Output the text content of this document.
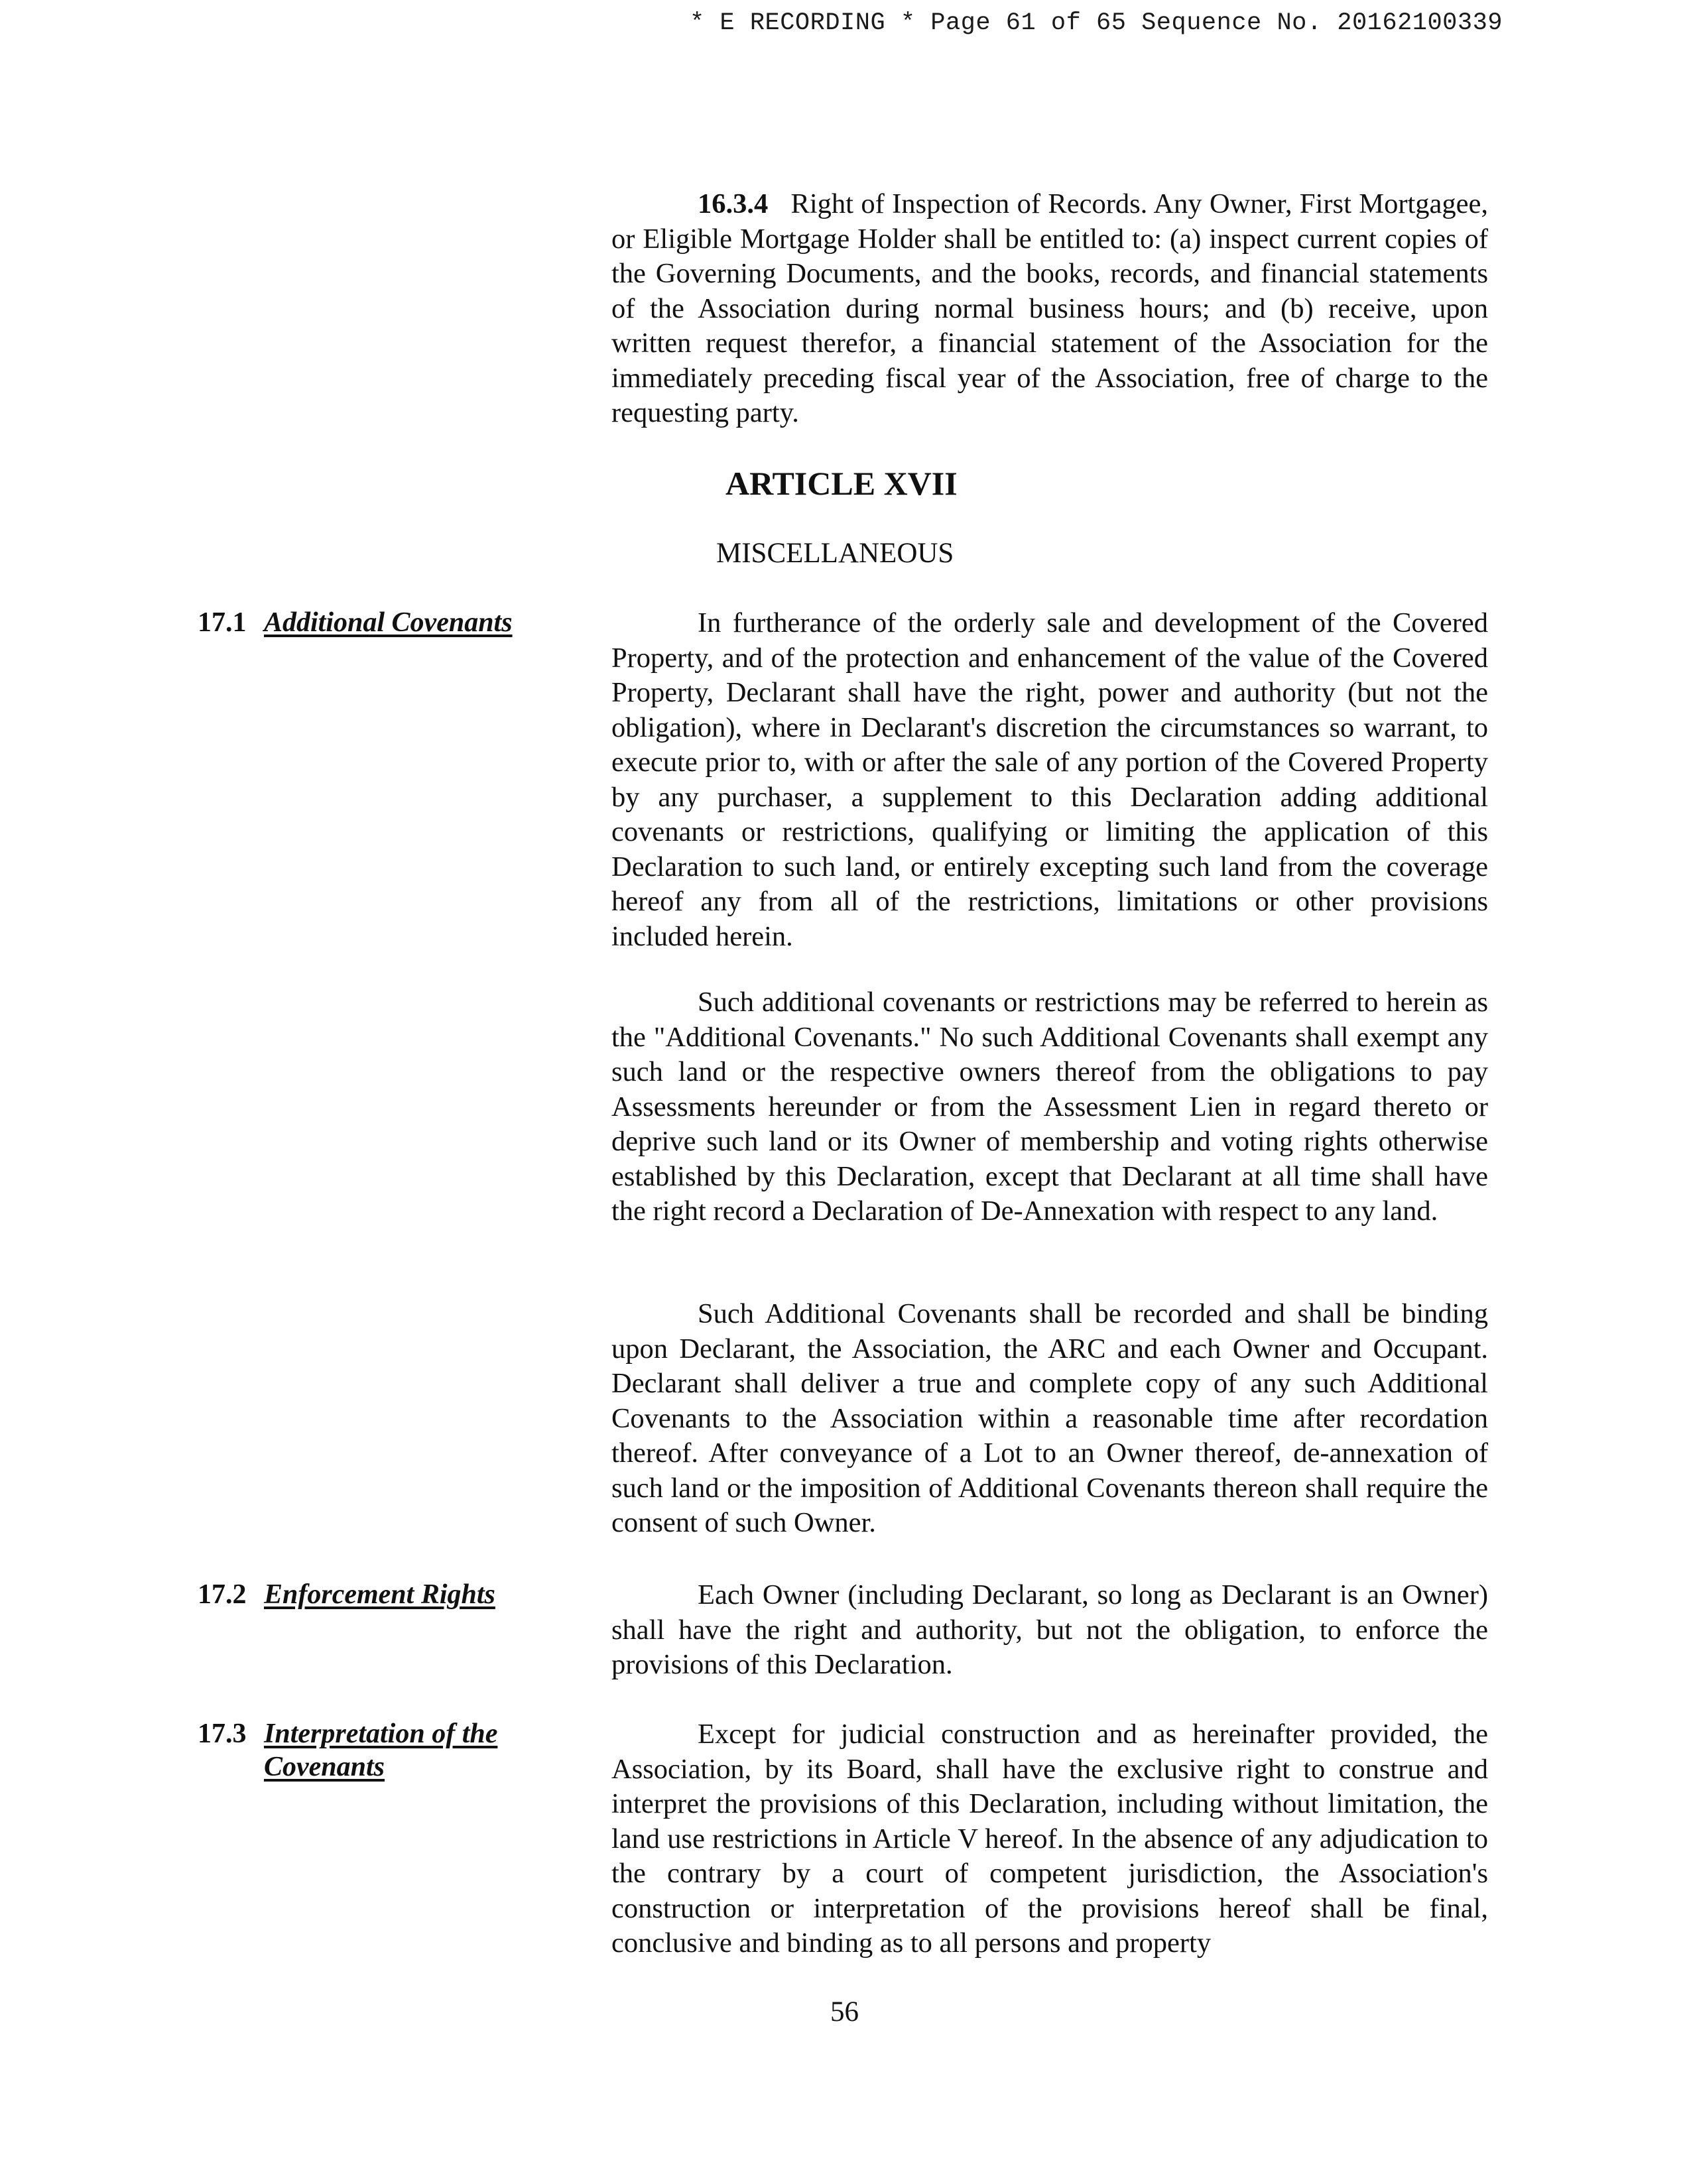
* E RECORDING * Page 61 of 65 Sequence No. 20162100339
16.3.4 Right of Inspection of Records. Any Owner, First Mortgagee, or Eligible Mortgage Holder shall be entitled to: (a) inspect current copies of the Governing Documents, and the books, records, and financial statements of the Association during normal business hours; and (b) receive, upon written request therefor, a financial statement of the Association for the immediately preceding fiscal year of the Association, free of charge to the requesting party.
ARTICLE XVII
MISCELLANEOUS
17.1 Additional Covenants	In furtherance of the orderly sale and development of the Covered Property, and of the protection and enhancement of the value of the Covered Property, Declarant shall have the right, power and authority (but not the obligation), where in Declarant's discretion the circumstances so warrant, to execute prior to, with or after the sale of any portion of the Covered Property by any purchaser, a supplement to this Declaration adding additional covenants or restrictions, qualifying or limiting the application of this Declaration to such land, or entirely excepting such land from the coverage hereof any from all of the restrictions, limitations or other provisions included herein.
Such additional covenants or restrictions may be referred to herein as the "Additional Covenants." No such Additional Covenants shall exempt any such land or the respective owners thereof from the obligations to pay Assessments hereunder or from the Assessment Lien in regard thereto or deprive such land or its Owner of membership and voting rights otherwise established by this Declaration, except that Declarant at all time shall have the right record a Declaration of De-Annexation with respect to any land.
Such Additional Covenants shall be recorded and shall be binding upon Declarant, the Association, the ARC and each Owner and Occupant. Declarant shall deliver a true and complete copy of any such Additional Covenants to the Association within a reasonable time after recordation thereof. After conveyance of a Lot to an Owner thereof, de-annexation of such land or the imposition of Additional Covenants thereon shall require the consent of such Owner.
17.2 Enforcement Rights	Each Owner (including Declarant, so long as Declarant is an Owner) shall have the right and authority, but not the obligation, to enforce the provisions of this Declaration.
17.3 Interpretation of the Covenants
Except for judicial construction and as hereinafter provided, the Association, by its Board, shall have the exclusive right to construe and interpret the provisions of this Declaration, including without limitation, the land use restrictions in Article V hereof. In the absence of any adjudication to the contrary by a court of competent jurisdiction, the Association's construction or interpretation of the provisions hereof shall be final, conclusive and binding as to all persons and property
56
